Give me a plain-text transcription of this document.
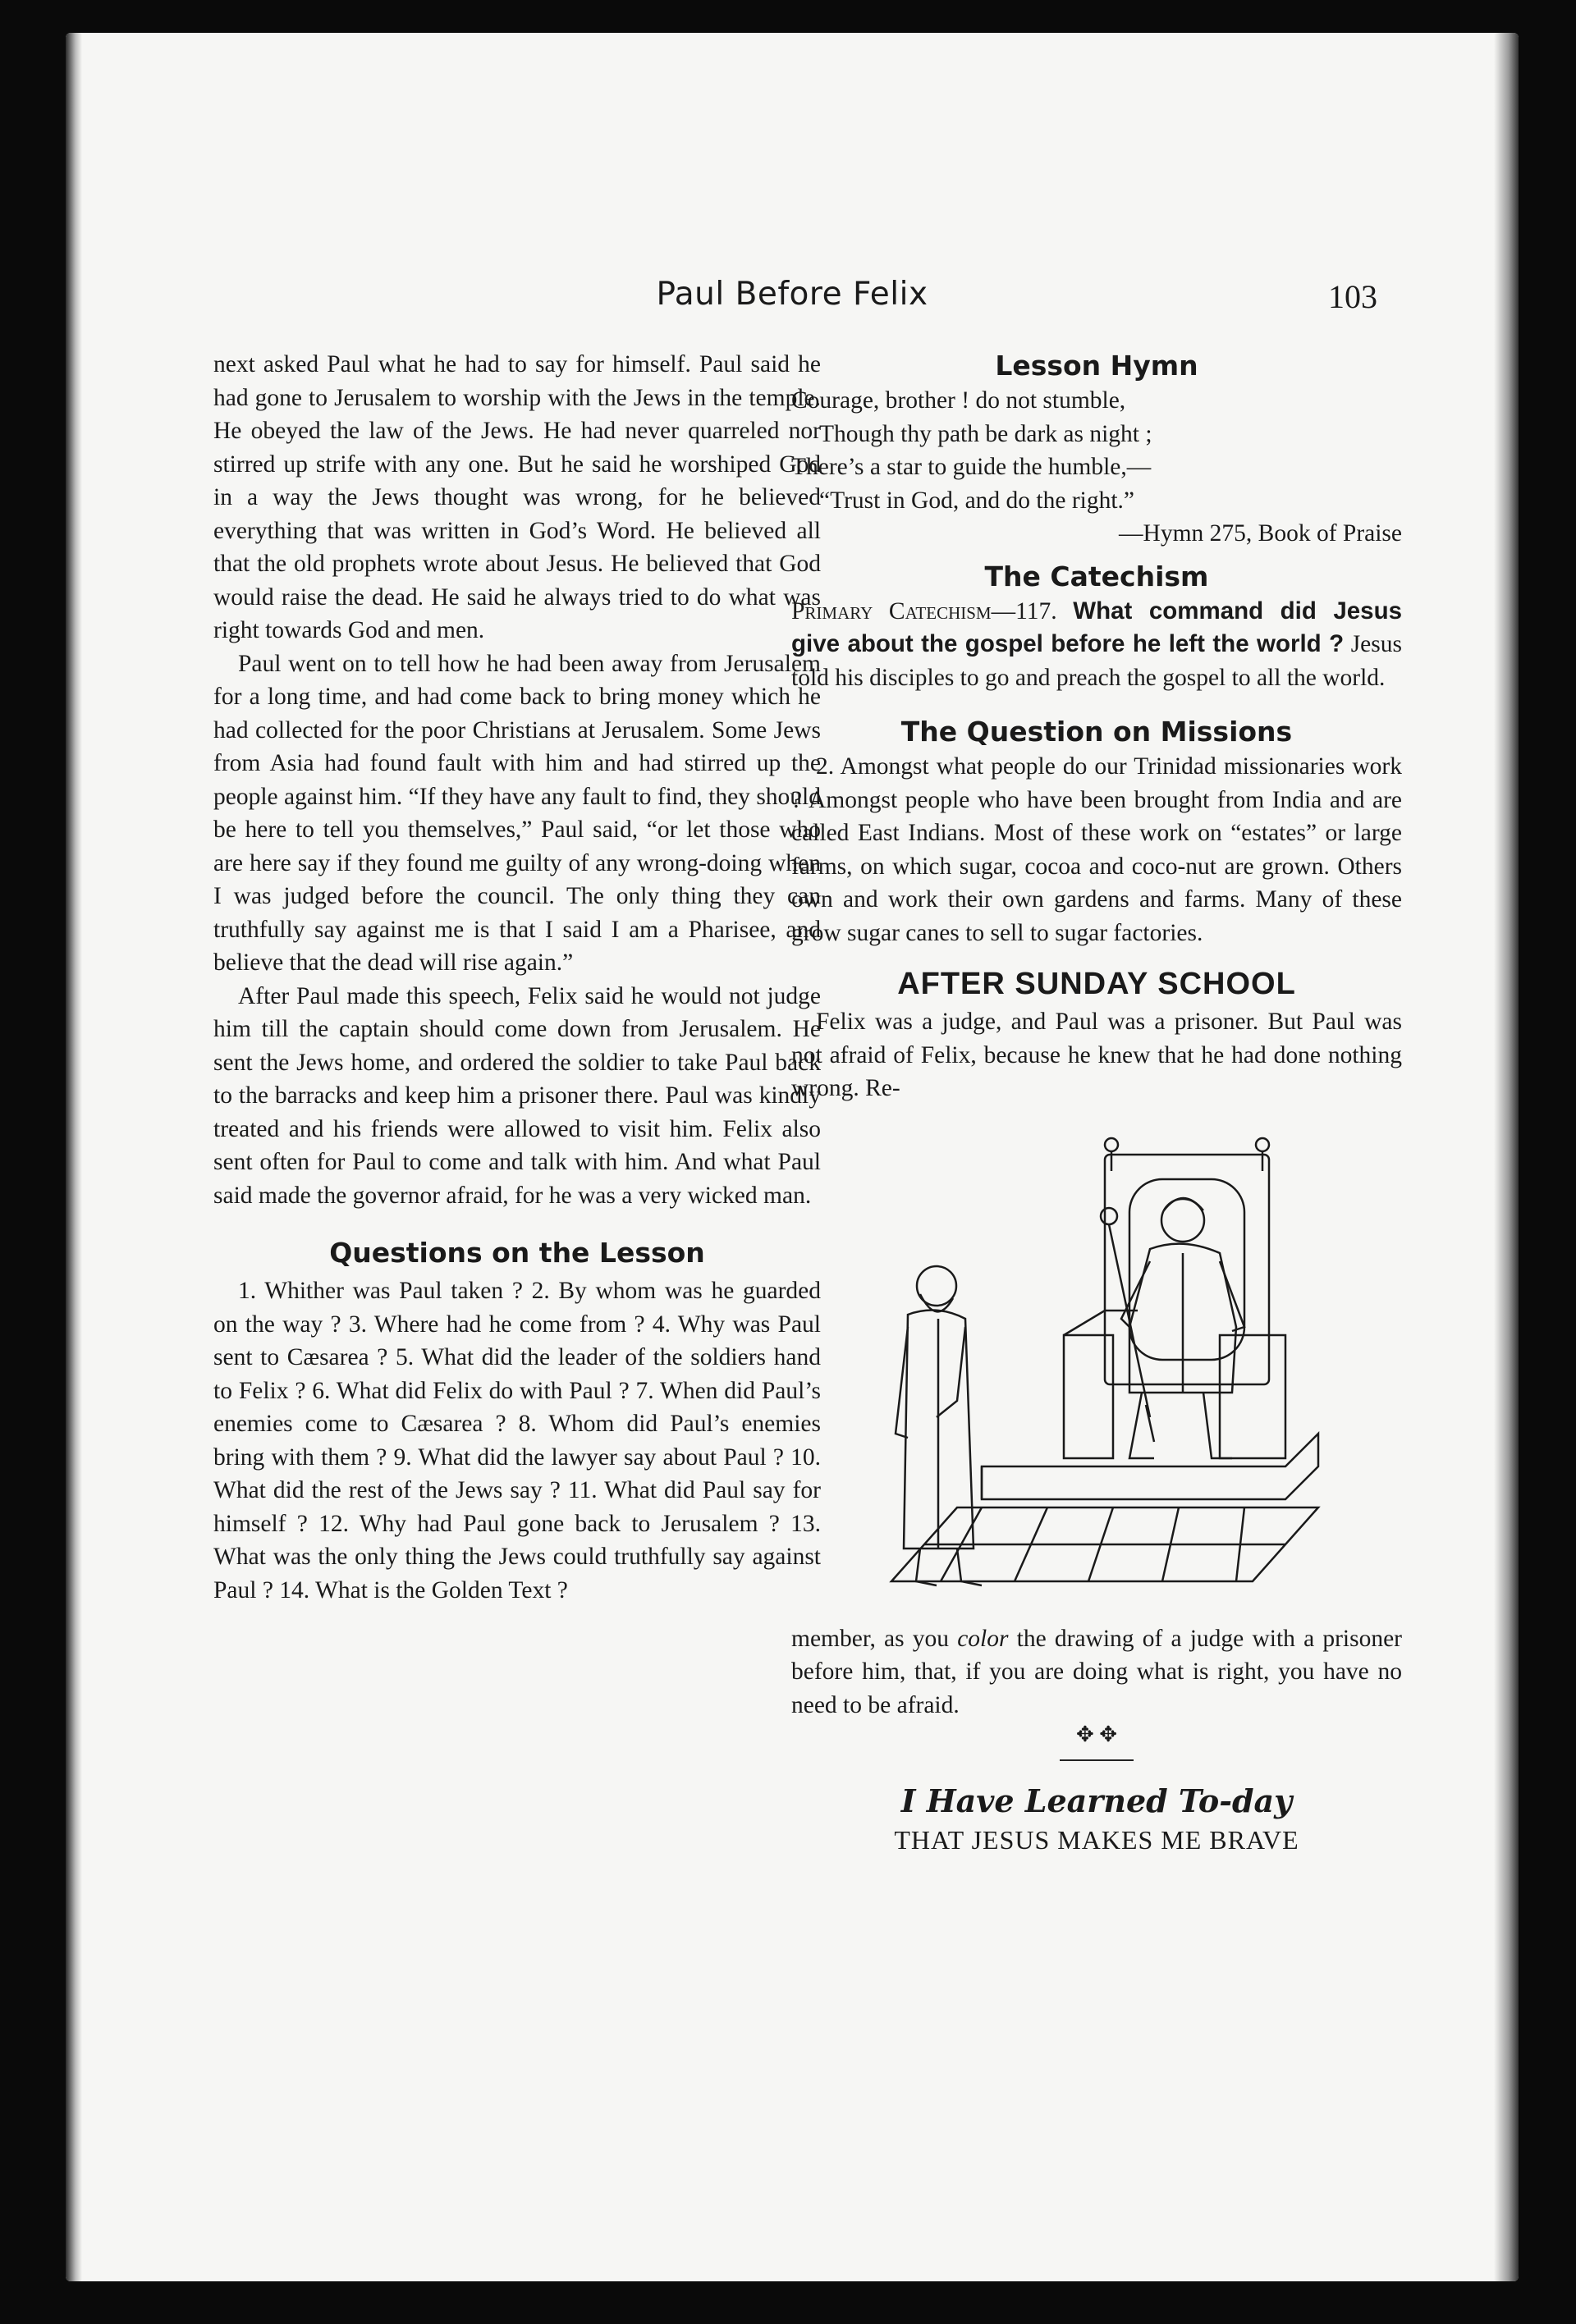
Paul Before Felix	103

next asked Paul what he had to say for himself. Paul said he had gone to Jerusalem to worship with the Jews in the temple. He obeyed the law of the Jews. He had never quarreled nor stirred up strife with any one. But he said he worshiped God in a way the Jews thought was wrong, for he believed everything that was written in God’s Word. He believed all that the old prophets wrote about Jesus. He believed that God would raise the dead. He said he always tried to do what was right towards God and men.

Paul went on to tell how he had been away from Jerusalem for a long time, and had come back to bring money which he had collected for the poor Christians at Jerusalem. Some Jews from Asia had found fault with him and had stirred up the people against him. “If they have any fault to find, they should be here to tell you themselves,” Paul said, “or let those who are here say if they found me guilty of any wrong-doing when I was judged before the council. The only thing they can truthfully say against me is that I said I am a Pharisee, and believe that the dead will rise again.”

After Paul made this speech, Felix said he would not judge him till the captain should come down from Jerusalem. He sent the Jews home, and ordered the soldier to take Paul back to the barracks and keep him a prisoner there. Paul was kindly treated and his friends were allowed to visit him. Felix also sent often for Paul to come and talk with him. And what Paul said made the governor afraid, for he was a very wicked man.

Questions on the Lesson

1. Whither was Paul taken ? 2. By whom was he guarded on the way ? 3. Where had he come from ? 4. Why was Paul sent to Cæsarea ? 5. What did the leader of the soldiers hand to Felix ? 6. What did Felix do with Paul ? 7. When did Paul’s enemies come to Cæsarea ? 8. Whom did Paul’s enemies bring with them ? 9. What did the lawyer say about Paul ? 10. What did the rest of the Jews say ? 11. What did Paul say for himself ? 12. Why had Paul gone back to Jerusalem ? 13. What was the only thing the Jews could truthfully say against Paul ? 14. What is the Golden Text ?

Lesson Hymn
Courage, brother ! do not stumble,
Though thy path be dark as night ;
There’s a star to guide the humble,—
“Trust in God, and do the right.”
—Hymn 275, Book of Praise
The Catechism

Primary Catechism—117. What command did Jesus give about the gospel before he left the world ? Jesus told his disciples to go and preach the gospel to all the world.

The Question on Missions

2. Amongst what people do our Trinidad missionaries work ? Amongst people who have been brought from India and are called East Indians. Most of these work on “estates” or large farms, on which sugar, cocoa and coco-nut are grown. Others own and work their own gardens and farms. Many of these grow sugar canes to sell to sugar factories.

AFTER SUNDAY SCHOOL

Felix was a judge, and Paul was a prisoner. But Paul was not afraid of Felix, because he knew that he had done nothing wrong. Re-

member, as you color the drawing of a judge with a prisoner before him, that, if you are doing what is right, you have no need to be afraid.

✥ ✥
I Have Learned To-day
THAT JESUS MAKES ME BRAVE
